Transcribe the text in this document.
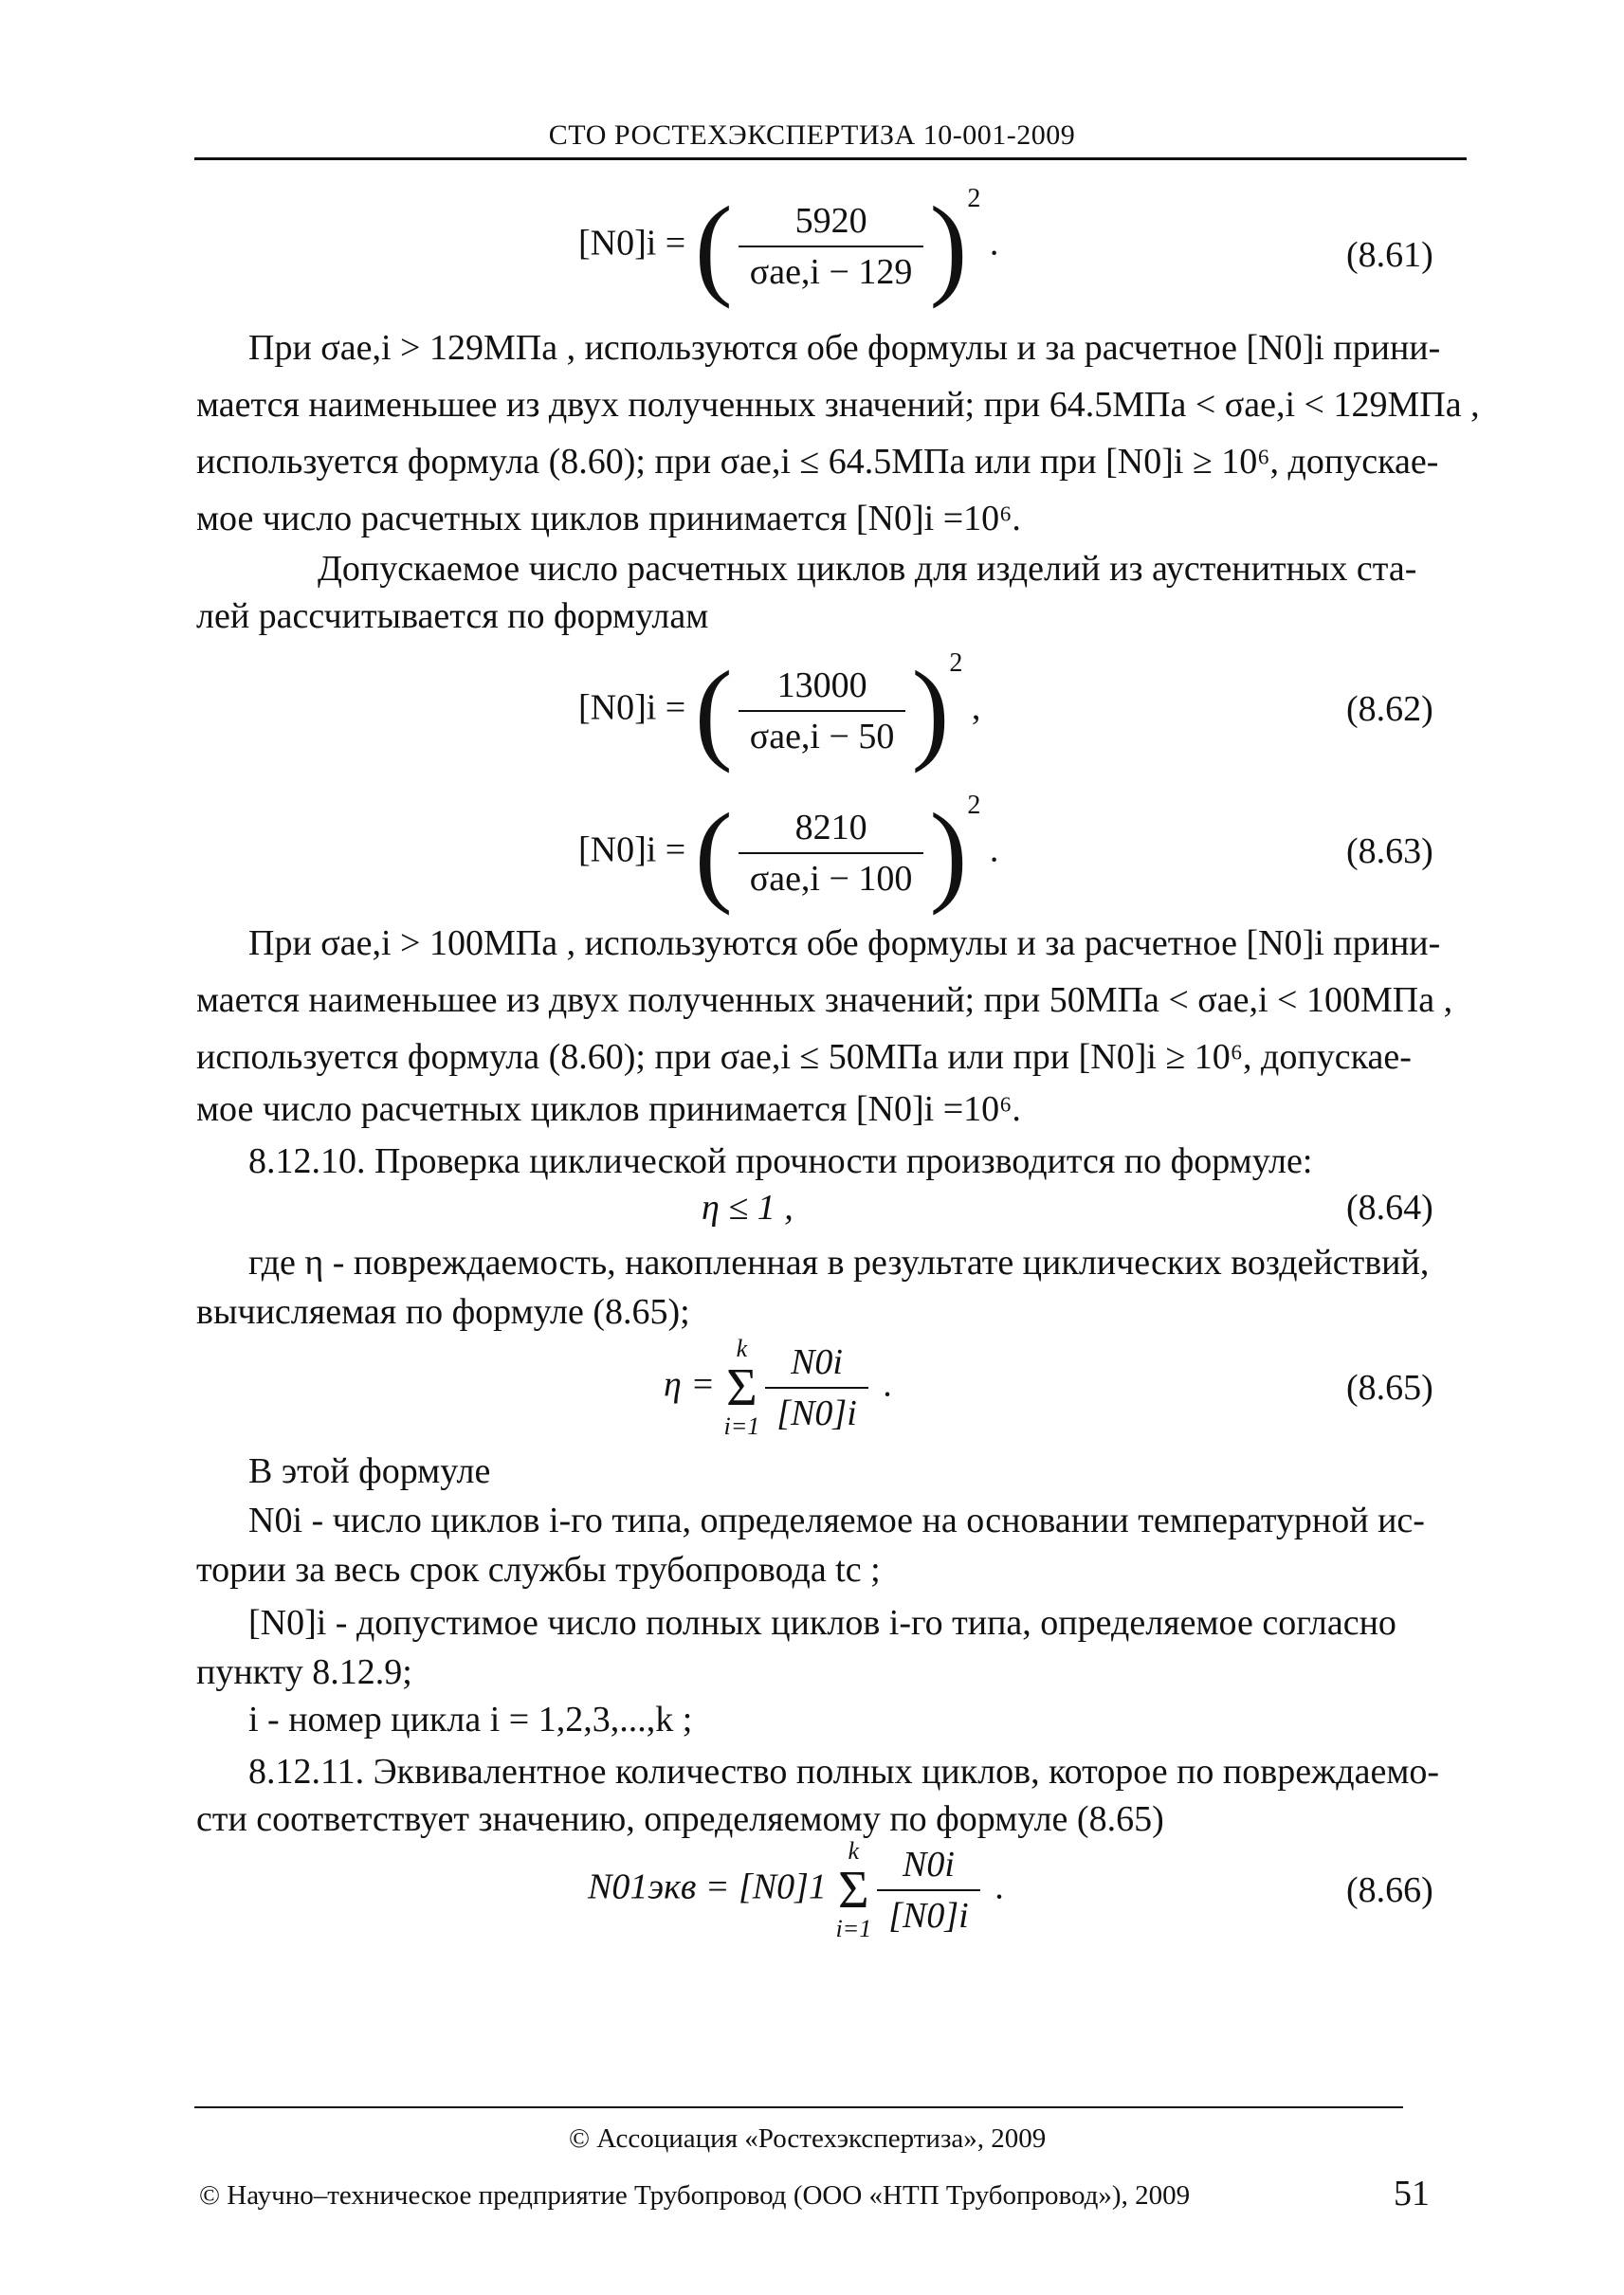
СТО РОСТЕХЭКСПЕРТИЗА 10-001-2009
[N0]i = ( $\frac{5920}{\text{σae,i − 129}} )^2$ .	(8.61)
При σae,i > 129МПа , используются обе формулы и за расчетное [N0]i прини-
мается наименьшее из двух полученных значений; при 64.5МПа < σae,i < 129МПа ,
используется формула (8.60); при σae,i ≤ 64.5МПа или при [N0]i ≥ 10⁶, допускае-
мое число расчетных циклов принимается [N0]i =10⁶.
Допускаемое число расчетных циклов для изделий из аустенитных ста-
лей рассчитывается по формулам
[N0]i = ( $\frac{13000}{\text{σae,i − 50}} )^2$ ,	(8.62)
[N0]i = ( $\frac{8210}{\text{σae,i − 100}} )^2$ .	(8.63)
При σae,i > 100МПа , используются обе формулы и за расчетное [N0]i прини-
мается наименьшее из двух полученных значений; при 50МПа < σae,i < 100МПа ,
используется формула (8.60); при σae,i ≤ 50МПа или при [N0]i ≥ 10⁶, допускае-
мое число расчетных циклов принимается [N0]i =10⁶.
8.12.10. Проверка циклической прочности производится по формуле:
η ≤ 1 ,	(8.64)
где η - повреждаемость, накопленная в результате циклических воздействий,
вычисляемая по формуле (8.65);
η =
k
Σ
$i=1 \frac{N0i}{[N0]i}$ .	(8.65)
В этой формуле
N0i - число циклов i-го типа, определяемое на основании температурной ис-
тории за весь срок службы трубопровода tc ;
[N0]i - допустимое число полных циклов i-го типа, определяемое согласно
пункту 8.12.9;
i - номер цикла i = 1,2,3,...,k ;
8.12.11. Эквивалентное количество полных циклов, которое по повреждаемо-
сти соответствует значению, определяемому по формуле (8.65)
N01экв = [N0]1
k
Σ
$i=1 \frac{N0i}{[N0]i}$ .	(8.66)
© Ассоциация «Ростехэкспертиза», 2009
© Научно–техническое предприятие Трубопровод (ООО «НТП Трубопровод»), 2009	51
